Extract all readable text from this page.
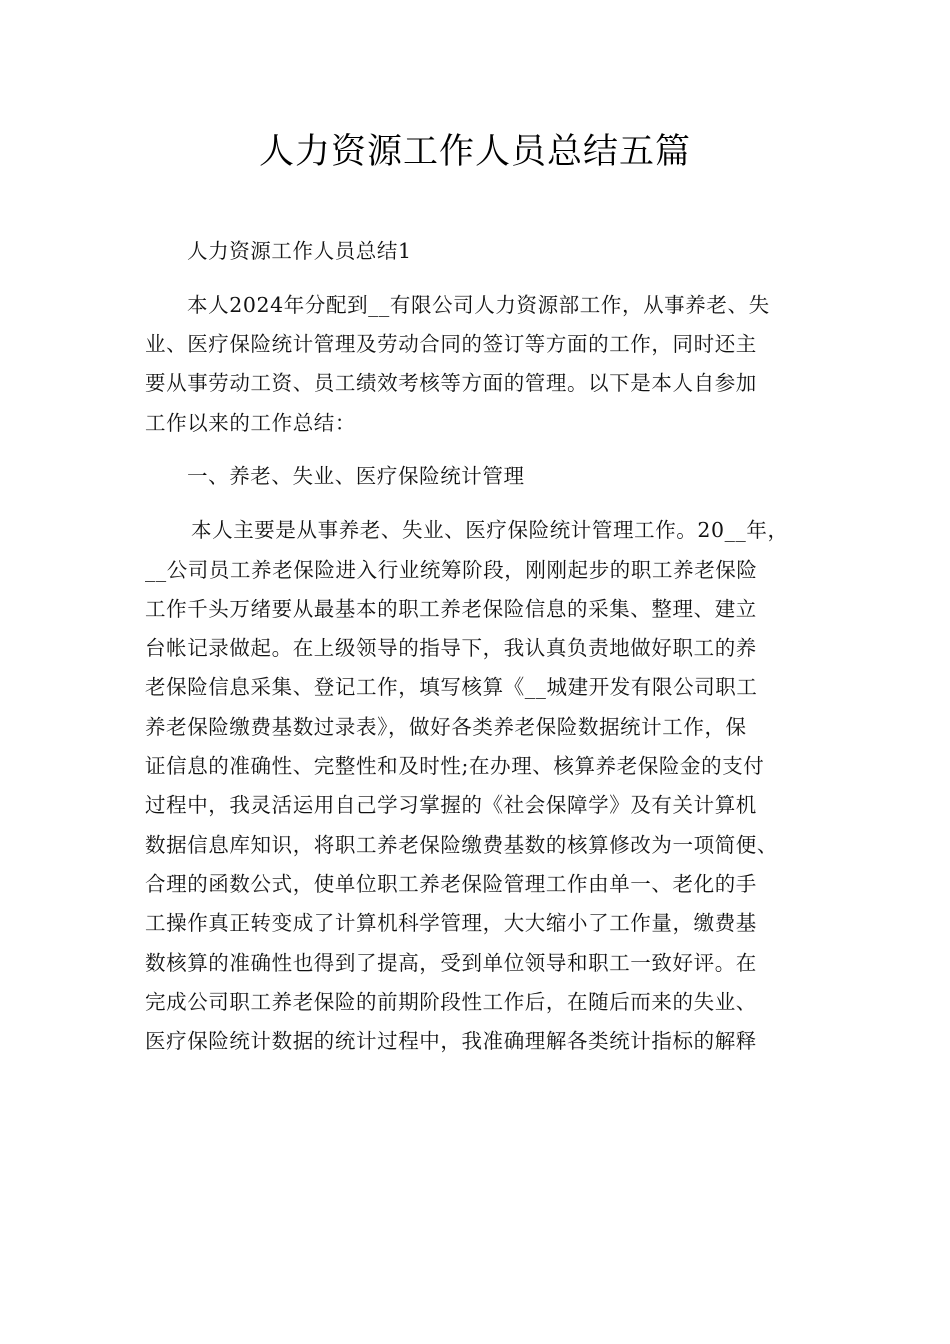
人力资源工作人员总结五篇
人力资源工作人员总结1
本人2024年分配到__有限公司人力资源部工作，从事养老、失
业、医疗保险统计管理及劳动合同的签订等方面的工作，同时还主
要从事劳动工资、员工绩效考核等方面的管理。以下是本人自参加
工作以来的工作总结：
一、养老、失业、医疗保险统计管理
本人主要是从事养老、失业、医疗保险统计管理工作。20__年，
__公司员工养老保险进入行业统筹阶段，刚刚起步的职工养老保险
工作千头万绪要从最基本的职工养老保险信息的采集、整理、建立
台帐记录做起。在上级领导的指导下，我认真负责地做好职工的养
老保险信息采集、登记工作，填写核算《__城建开发有限公司职工
养老保险缴费基数过录表》，做好各类养老保险数据统计工作，保
证信息的准确性、完整性和及时性;在办理、核算养老保险金的支付
过程中，我灵活运用自己学习掌握的《社会保障学》及有关计算机
数据信息库知识，将职工养老保险缴费基数的核算修改为一项简便、
合理的函数公式，使单位职工养老保险管理工作由单一、老化的手
工操作真正转变成了计算机科学管理，大大缩小了工作量，缴费基
数核算的准确性也得到了提高，受到单位领导和职工一致好评。在
完成公司职工养老保险的前期阶段性工作后，在随后而来的失业、
医疗保险统计数据的统计过程中，我准确理解各类统计指标的解释
